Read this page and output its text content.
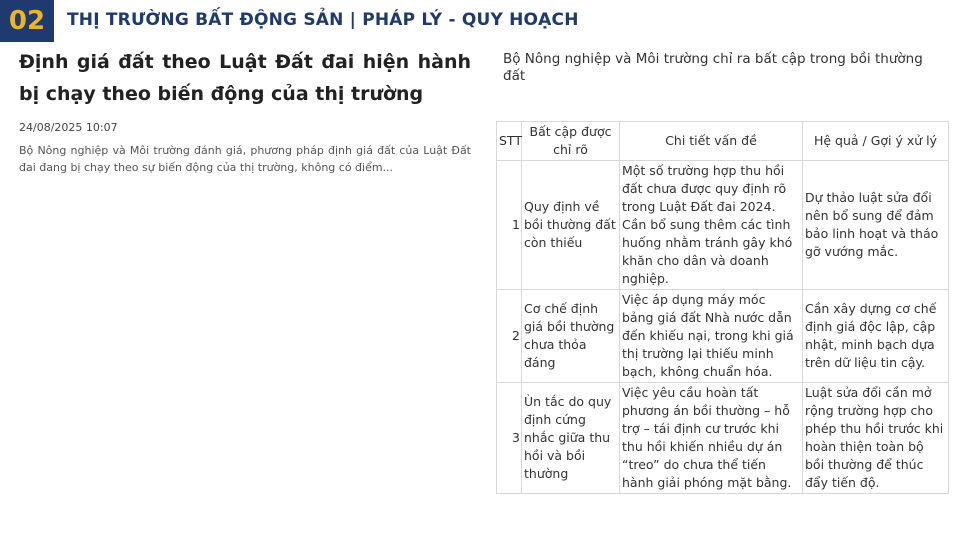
02	THỊ TRƯỜNG BẤT ĐỘNG SẢN | PHÁP LÝ - QUY HOẠCH
Định giá đất theo Luật Đất đai hiện hành bị chạy theo biến động của thị trường
24/08/2025 10:07
Bộ Nông nghiệp và Môi trường đánh giá, phương pháp định giá đất của Luật Đất đai đang bị chạy theo sự biến động của thị trường, không có điểm...
Bộ Nông nghiệp và Môi trường chỉ ra bất cập trong bồi thường đất
STT	Bất cập được chỉ rõ	Chi tiết vấn đề	Hệ quả / Gợi ý xử lý
1	Quy định về bồi thường đất còn thiếu	Một số trường hợp thu hồi đất chưa được quy định rõ trong Luật Đất đai 2024. Cần bổ sung thêm các tình huống nhằm tránh gây khó khăn cho dân và doanh nghiệp.	Dự thảo luật sửa đổi nên bổ sung để đảm bảo linh hoạt và tháo gỡ vướng mắc.
2	Cơ chế định giá bồi thường chưa thỏa đáng	Việc áp dụng máy móc bảng giá đất Nhà nước dẫn đến khiếu nại, trong khi giá thị trường lại thiếu minh bạch, không chuẩn hóa.	Cần xây dựng cơ chế định giá độc lập, cập nhật, minh bạch dựa trên dữ liệu tin cậy.
3	Ùn tắc do quy định cứng nhắc giữa thu hồi và bồi thường	Việc yêu cầu hoàn tất phương án bồi thường – hỗ trợ – tái định cư trước khi thu hồi khiến nhiều dự án “treo” do chưa thể tiến hành giải phóng mặt bằng.	Luật sửa đổi cần mở rộng trường hợp cho phép thu hồi trước khi hoàn thiện toàn bộ bồi thường để thúc đẩy tiến độ.
